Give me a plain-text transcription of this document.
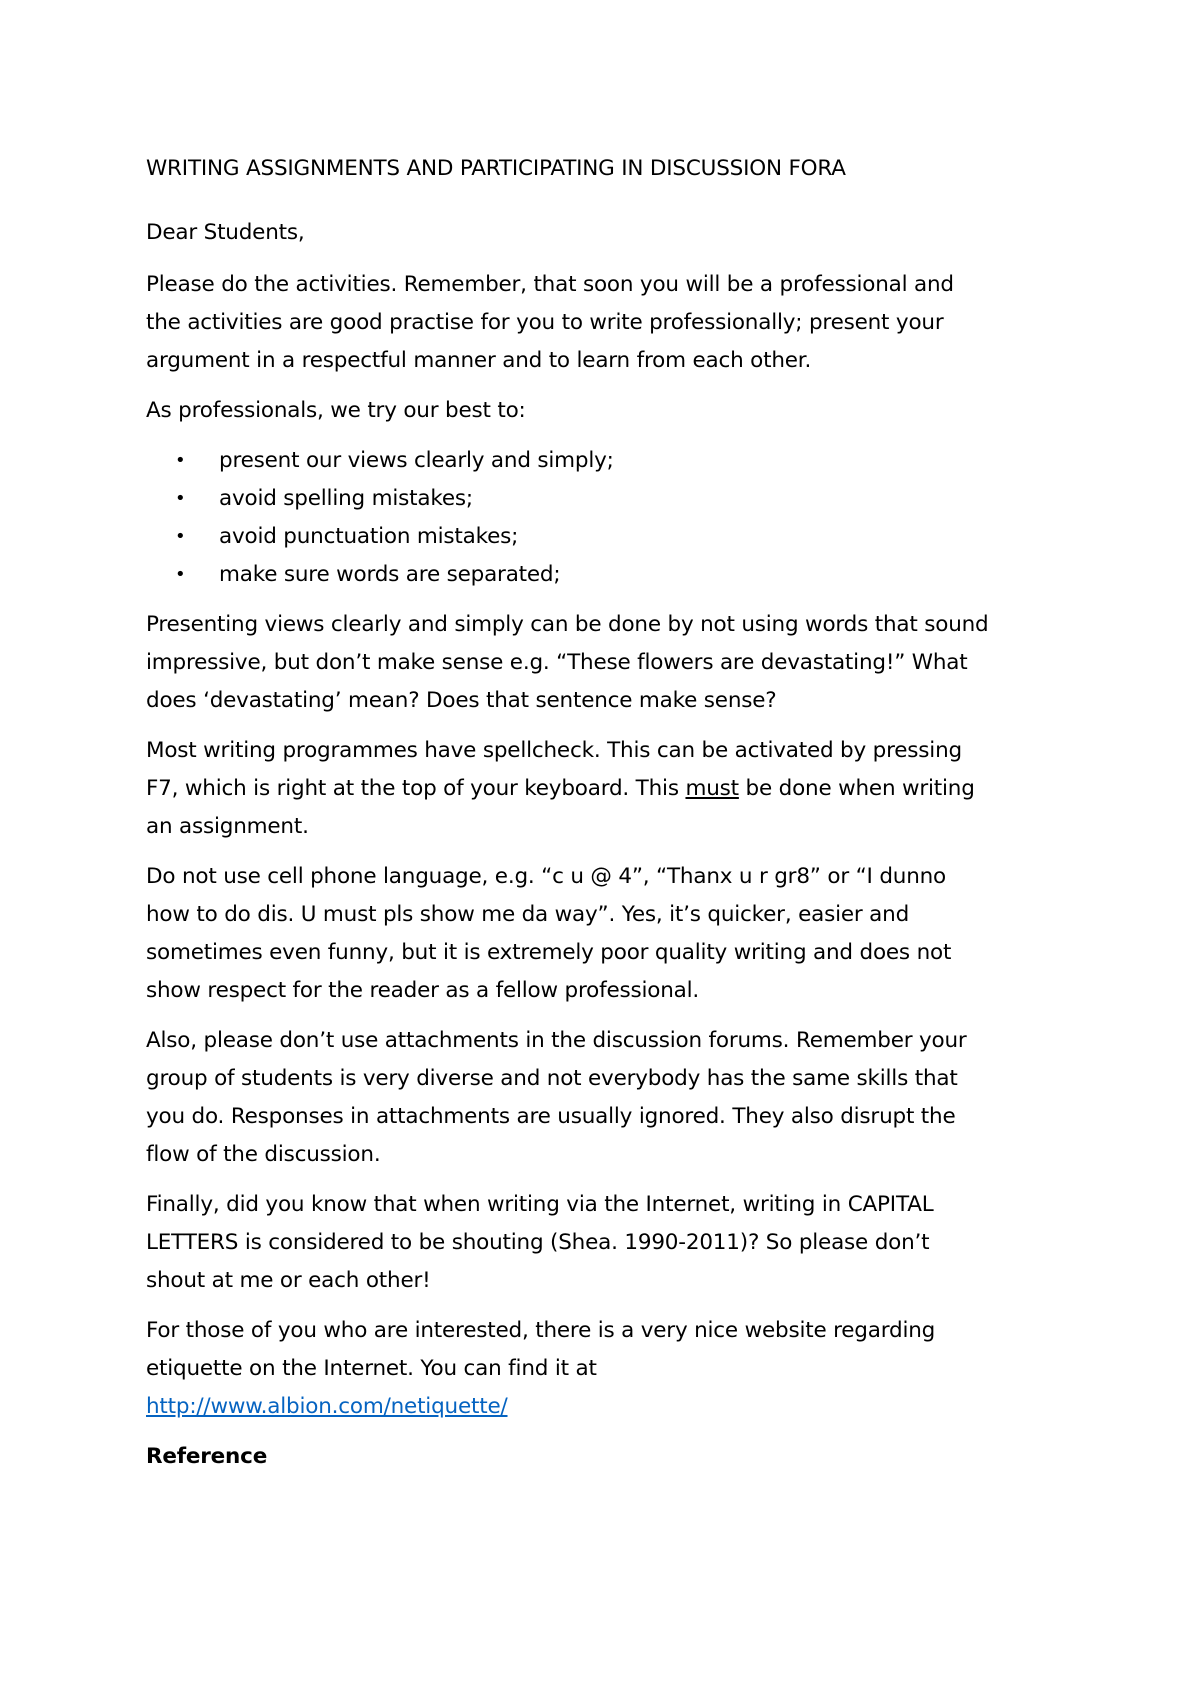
WRITING ASSIGNMENTS AND PARTICIPATING IN DISCUSSION FORA
Dear Students,
Please do the activities. Remember, that soon you will be a professional and
the activities are good practise for you to write professionally; present your
argument in a respectful manner and to learn from each other.
As professionals, we try our best to:
• present our views clearly and simply;
• avoid spelling mistakes;
• avoid punctuation mistakes;
• make sure words are separated;
Presenting views clearly and simply can be done by not using words that sound
impressive, but don’t make sense e.g. “These flowers are devastating!” What
does ‘devastating’ mean? Does that sentence make sense?
Most writing programmes have spellcheck. This can be activated by pressing
F7, which is right at the top of your keyboard. This must be done when writing
an assignment.
Do not use cell phone language, e.g. “c u @ 4”, “Thanx u r gr8” or “I dunno
how to do dis. U must pls show me da way”. Yes, it’s quicker, easier and
sometimes even funny, but it is extremely poor quality writing and does not
show respect for the reader as a fellow professional.
Also, please don’t use attachments in the discussion forums. Remember your
group of students is very diverse and not everybody has the same skills that
you do. Responses in attachments are usually ignored. They also disrupt the
flow of the discussion.
Finally, did you know that when writing via the Internet, writing in CAPITAL
LETTERS is considered to be shouting (Shea. 1990-2011)? So please don’t
shout at me or each other!
For those of you who are interested, there is a very nice website regarding
etiquette on the Internet. You can find it at
http://www.albion.com/netiquette/
Reference
